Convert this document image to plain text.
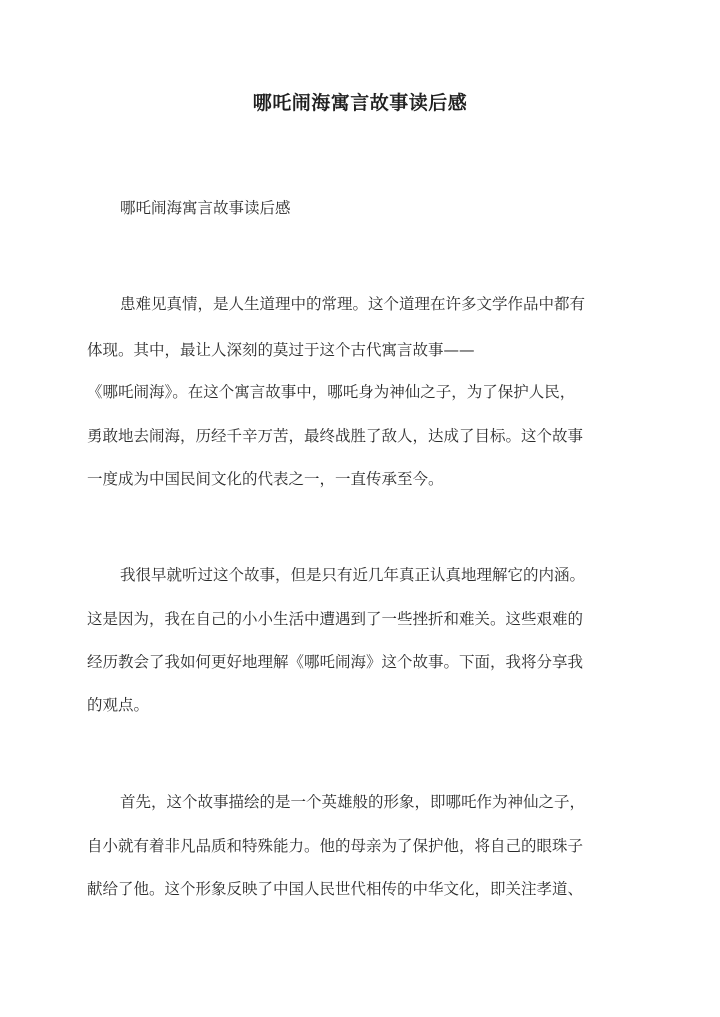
哪吒闹海寓言故事读后感

哪吒闹海寓言故事读后感

患难见真情，是人生道理中的常理。这个道理在许多文学作品中都有
体现。其中，最让人深刻的莫过于这个古代寓言故事——
《哪吒闹海》。在这个寓言故事中，哪吒身为神仙之子，为了保护人民，
勇敢地去闹海，历经千辛万苦，最终战胜了敌人，达成了目标。这个故事
一度成为中国民间文化的代表之一，一直传承至今。
我很早就听过这个故事，但是只有近几年真正认真地理解它的内涵。
这是因为，我在自己的小小生活中遭遇到了一些挫折和难关。这些艰难的
经历教会了我如何更好地理解《哪吒闹海》这个故事。下面，我将分享我
的观点。
首先，这个故事描绘的是一个英雄般的形象，即哪吒作为神仙之子，
自小就有着非凡品质和特殊能力。他的母亲为了保护他，将自己的眼珠子
献给了他。这个形象反映了中国人民世代相传的中华文化，即关注孝道、
